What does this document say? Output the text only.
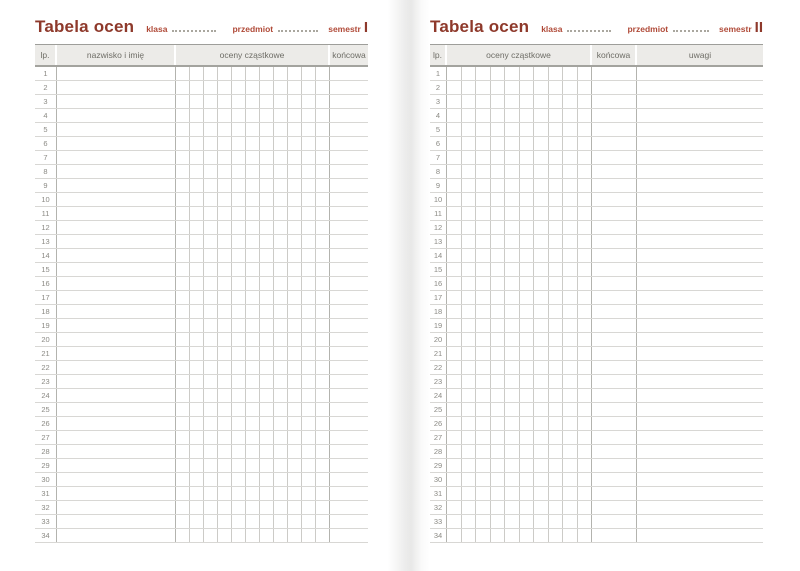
Tabela ocen klasa	przedmiot	semestr I
lp.	nazwisko i imię	oceny cząstkowe	końcowa
1
2
3
4
5
6
7
8
9
10
11
12
13
14
15
16
17
18
19
20
21
22
23
24
25
26
27
28
29
30
31
32
33
34
Tabela ocen klasa	przedmiot	semestr II
lp.	oceny cząstkowe	końcowa	uwagi
1
2
3
4
5
6
7
8
9
10
11
12
13
14
15
16
17
18
19
20
21
22
23
24
25
26
27
28
29
30
31
32
33
34
